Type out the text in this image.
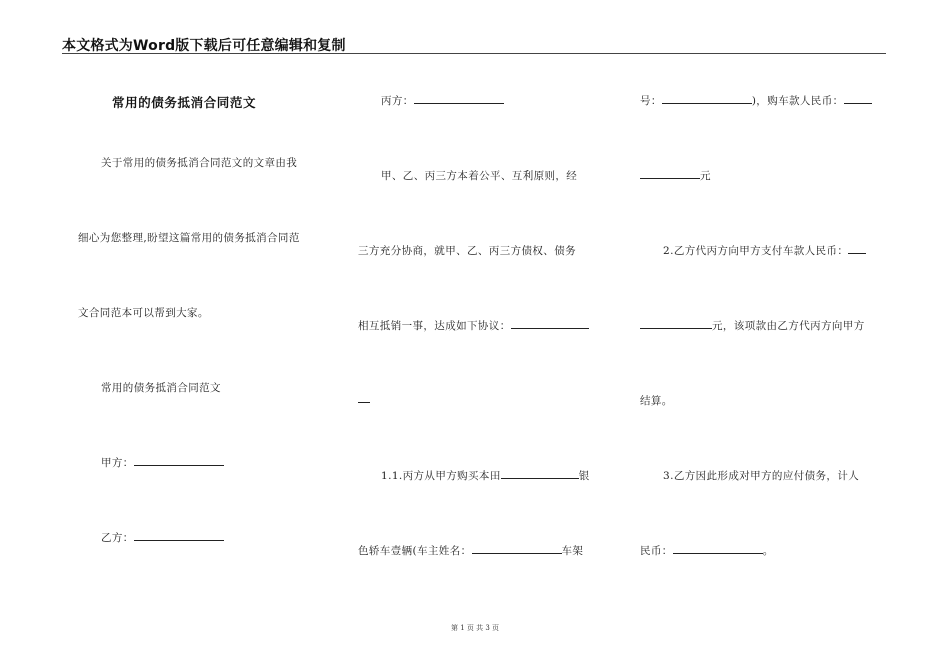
本文格式为Word版下载后可任意编辑和复制
常用的债务抵消合同范文
关于常用的债务抵消合同范文的文章由我
细心为您整理,盼望这篇常用的债务抵消合同范
文合同范本可以帮到大家。
常用的债务抵消合同范文
甲方：
乙方：
丙方：
甲、乙、丙三方本着公平、互利原则，经
三方充分协商，就甲、乙、丙三方债权、债务
相互抵销一事，达成如下协议：
1.1.丙方从甲方购买本田	银
色轿车壹辆(车主姓名：	车架
号：	)，购车款人民币：
元
2.乙方代丙方向甲方支付车款人民币：
元，该项款由乙方代丙方向甲方
结算。
3.乙方因此形成对甲方的应付债务，计人
民币：	。
第 1 页 共 3 页
